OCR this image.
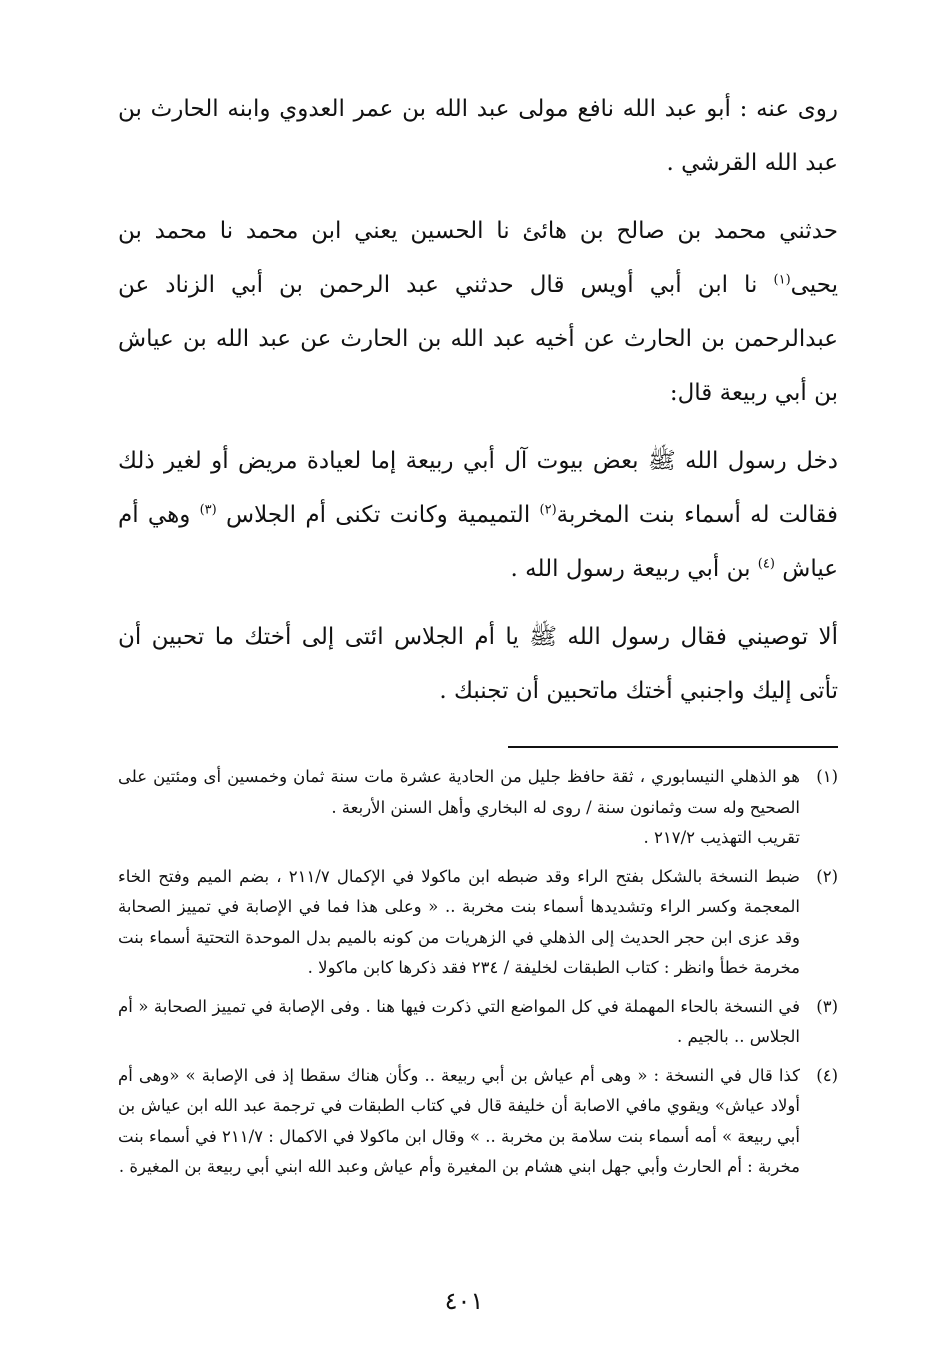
روى عنه : أبو عبد الله نافع مولى عبد الله بن عمر العدوي وابنه الحارث بن عبد الله القرشي .

حدثني محمد بن صالح بن هائئ نا الحسين يعني ابن محمد نا محمد بن يحيى$^{(١)}$ نا ابن أبي أويس قال حدثني عبد الرحمن بن أبي الزناد عن عبدالرحمن بن الحارث عن أخيه عبد الله بن الحارث عن عبد الله بن عياش بن أبي ربيعة قال:

دخل رسول الله ﷺ بعض بيوت آل أبي ربيعة إما لعيادة مريض أو لغير ذلك فقالت له أسماء بنت المخربة$^{(٢)}$ التميمية وكانت تكنى أم الجلاس $^{(٣)}$ وهي أم عياش $^{(٤)}$ بن أبي ربيعة رسول الله .

ألا توصيني فقال رسول الله ﷺ يا أم الجلاس ائتى إلى أختك ما تحبين أن تأتى إليك واجنبي أختك ماتحبين أن تجنبك .

(١)
هو الذهلي النيسابوري ، ثقة حافظ جليل من الحادية عشرة مات سنة ثمان وخمسين أى ومئتين على الصحيح وله ست وثمانون سنة / روى له البخاري وأهل السنن الأربعة .
تقريب التهذيب ٢١٧/٢ .
(٢)
ضبط النسخة بالشكل بفتح الراء وقد ضبطه ابن ماكولا في الإكمال ٢١١/٧ ، بضم الميم وفتح الخاء المعجمة وكسر الراء وتشديدها أسماء بنت مخربة .. « وعلى هذا فما في الإصابة في تمييز الصحابة وقد عزى ابن حجر الحديث إلى الذهلي في الزهريات من كونه بالميم بدل الموحدة التحتية أسماء بنت مخرمة خطأ وانظر : كتاب الطبقات لخليفة / ٢٣٤ فقد ذكرها كابن ماكولا .
(٣)
في النسخة بالحاء المهملة في كل المواضع التي ذكرت فيها هنا . وفى الإصابة في تمييز الصحابة « أم الجلاس .. بالجيم .
(٤)
كذا قال في النسخة : « وهى أم عياش بن أبي ربيعة .. وكأن هناك سقطا إذ فى الإصابة » «وهى أم أولاد عياش» ويقوي مافي الاصابة أن خليفة قال في كتاب الطبقات في ترجمة عبد الله ابن عياش بن أبي ربيعة » أمه أسماء بنت سلامة بن مخربة .. » وقال ابن ماكولا في الاكمال : ٢١١/٧ في أسماء بنت مخربة : أم الحارث وأبي جهل ابني هشام بن المغيرة وأم عياش وعبد الله ابني أبي ربيعة بن المغيرة .
٤٠١
